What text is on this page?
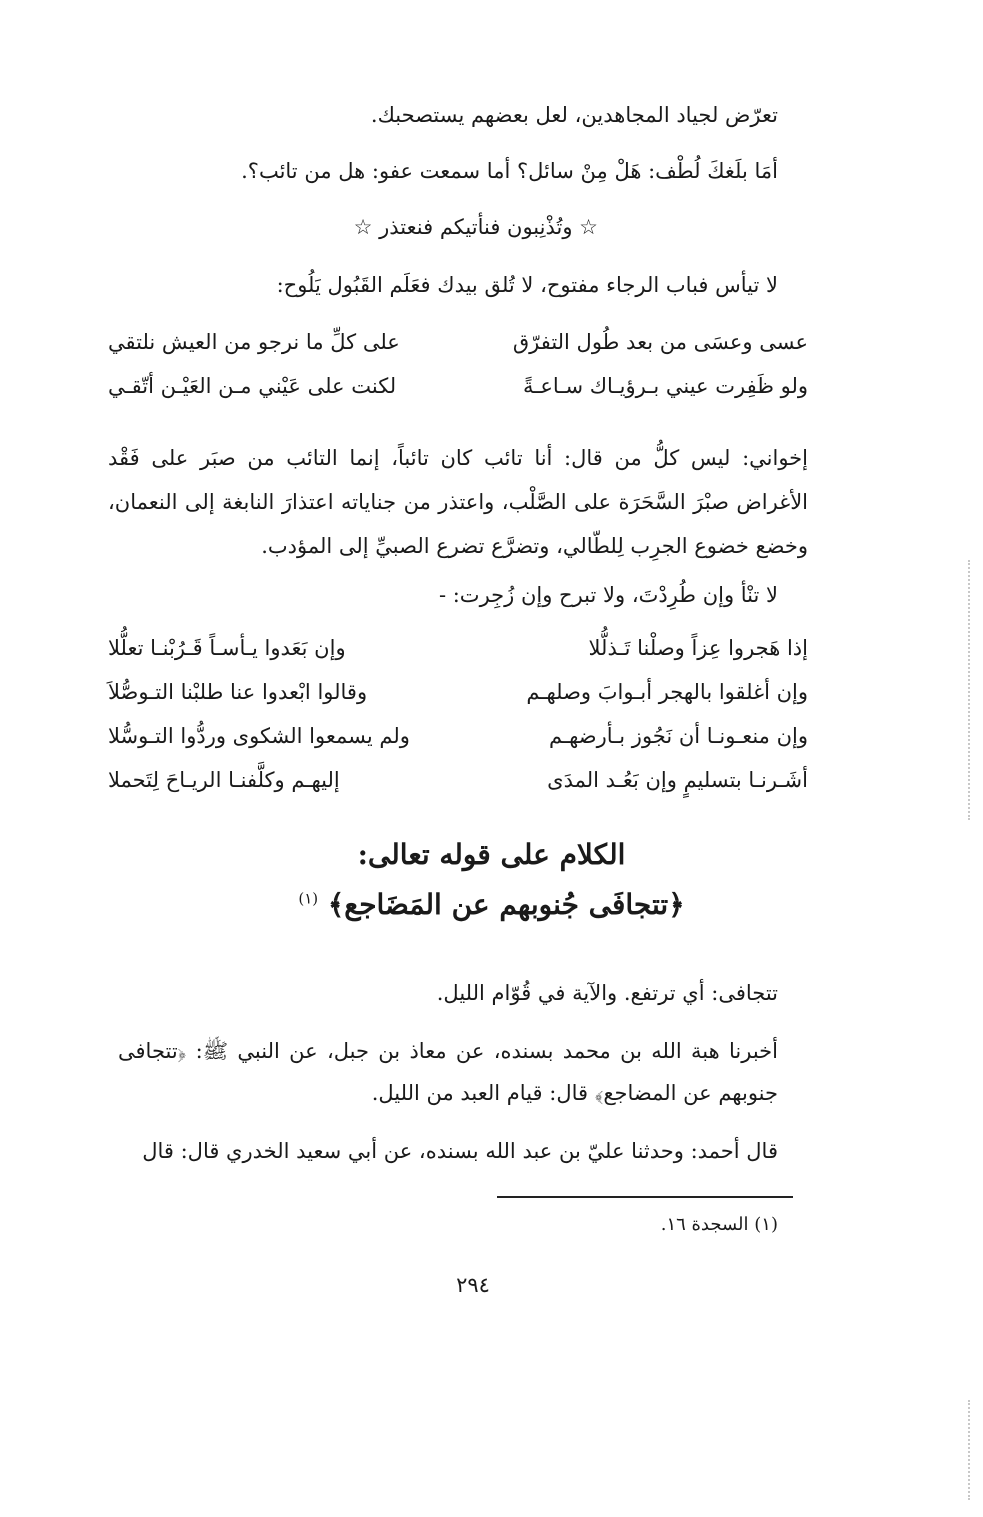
تعرّض لجياد المجاهدين، لعل بعضهم يستصحبك.
أمَا بلَغكَ لُطْف: هَلْ مِنْ سائل؟ أما سمعت عفو: هل من تائب؟.
☆ وتُذْنِبون فنأتيكم فنعتذر ☆
لا تيأس فباب الرجاء مفتوح، لا تُلق بيدك فعَلَم القَبُول يَلُوح:
عسى وعسَى من بعد طُول التفرّق
على كلِّ ما نرجو من العيش نلتقي
ولو ظَفِرت عيني بـرؤيـاك سـاعـةً
لكنت على عَيْني مـن العَيْـن أتّقـي
إخواني: ليس كلُّ من قال: أنا تائب كان تائباً، إنما التائب من صبَر على فَقْد الأغراض صبْرَ السَّحَرَة على الصَّلْب، واعتذر من جناياته اعتذارَ النابغة إلى النعمان، وخضع خضوع الجرِب لِلطّالي، وتضرَّع تضرع الصبيِّ إلى المؤدب.
لا تنْأ وإن طُرِدْتَ، ولا تبرح وإن زُجِرت: -
إذا هَجروا عِزاً وصلْنا تَـذلُّلا
وإن بَعَدوا يـأسـاً قَـرُبْنـا تعلُّلا
وإن أغلقوا بالهجر أبـوابَ وصلهـم
وقالوا ابْعدوا عنا طلبْنا التـوصُّلاَ
وإن منعـونـا أن نَجُوز بـأرضهـم
ولم يسمعوا الشكوى وردُّوا التـوسُّلا
أشَـرنـا بتسليمٍ وإن بَعُـد المدَى
إليهـم وكلَّفنـا الريـاحَ لِتَحملا
الكلام على قوله تعالى:
﴿تتجافَى جُنوبهم عن المَضَاجع﴾ $^{(١)}$
تتجافى: أي ترتفع. والآية في قُوّام الليل.
أخبرنا هبة الله بن محمد بسنده، عن معاذ بن جبل، عن النبي ﷺ: ﴿تتجافى جنوبهم عن المضاجع﴾ قال: قيام العبد من الليل.
قال أحمد: وحدثنا عليّ بن عبد الله بسنده، عن أبي سعيد الخدري قال: قال
(١) السجدة ١٦.
٢٩٤
